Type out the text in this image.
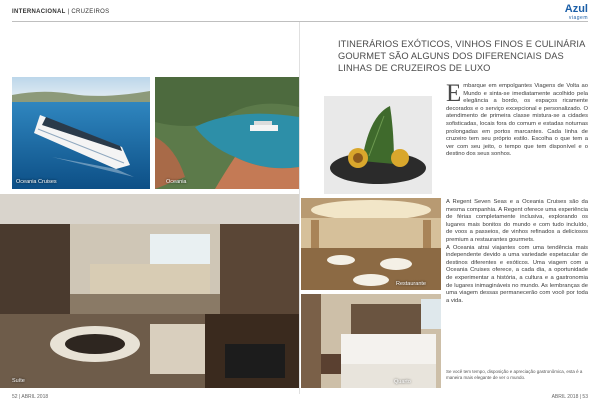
INTERNACIONAL | CRUZEIROS	Azul
viagem
Oceania Cruises	Oceania
Suíte
Restaurante
Quarto
ITINERÁRIOS EXÓTICOS, VINHOS FINOS E CULINÁRIA GOURMET SÃO ALGUNS DOS DIFERENCIAIS DAS LINHAS DE CRUZEIROS DE LUXO
E mbarque em empolgantes Viagens de Volta ao Mundo e sinta-se imediatamente acolhido pela elegância a bordo, os espaços ricamente decorados e o serviço excepcional e personalizado. O atendimento de primeira classe mistura-se a cidades sofisticadas, locais fora do comum e estadas noturnas prolongadas em portos marcantes. Cada linha de cruzeiro tem seu próprio estilo. Escolha o que tem a ver com seu jeito, o tempo que tem disponível e o destino dos seus sonhos.

A Regent Seven Seas e a Oceania Cruises são da mesma companhia. A Regent oferece uma experiência de férias completamente inclusiva, explorando os lugares mais bonitos do mundo e com tudo incluído, de voos a passeios, de vinhos refinados a deliciosos premium a restaurantes gourmets.

A Oceania atrai viajantes com uma tendência mais independente devido a uma variedade espetacular de destinos diferentes e exóticos. Uma viagem com a Oceania Cruises oferece, a cada dia, a oportunidade de experimentar a história, a cultura e a gastronomia de lugares inimagináveis no mundo. As lembranças de uma viagem dessas permanecerão com você por toda a vida.

Se você tem tempo, disposição e apreciação gastronômica, esta é a maneira mais elegante de ver o mundo.
52 | ABRIL 2018	ABRIL 2018 | 53
